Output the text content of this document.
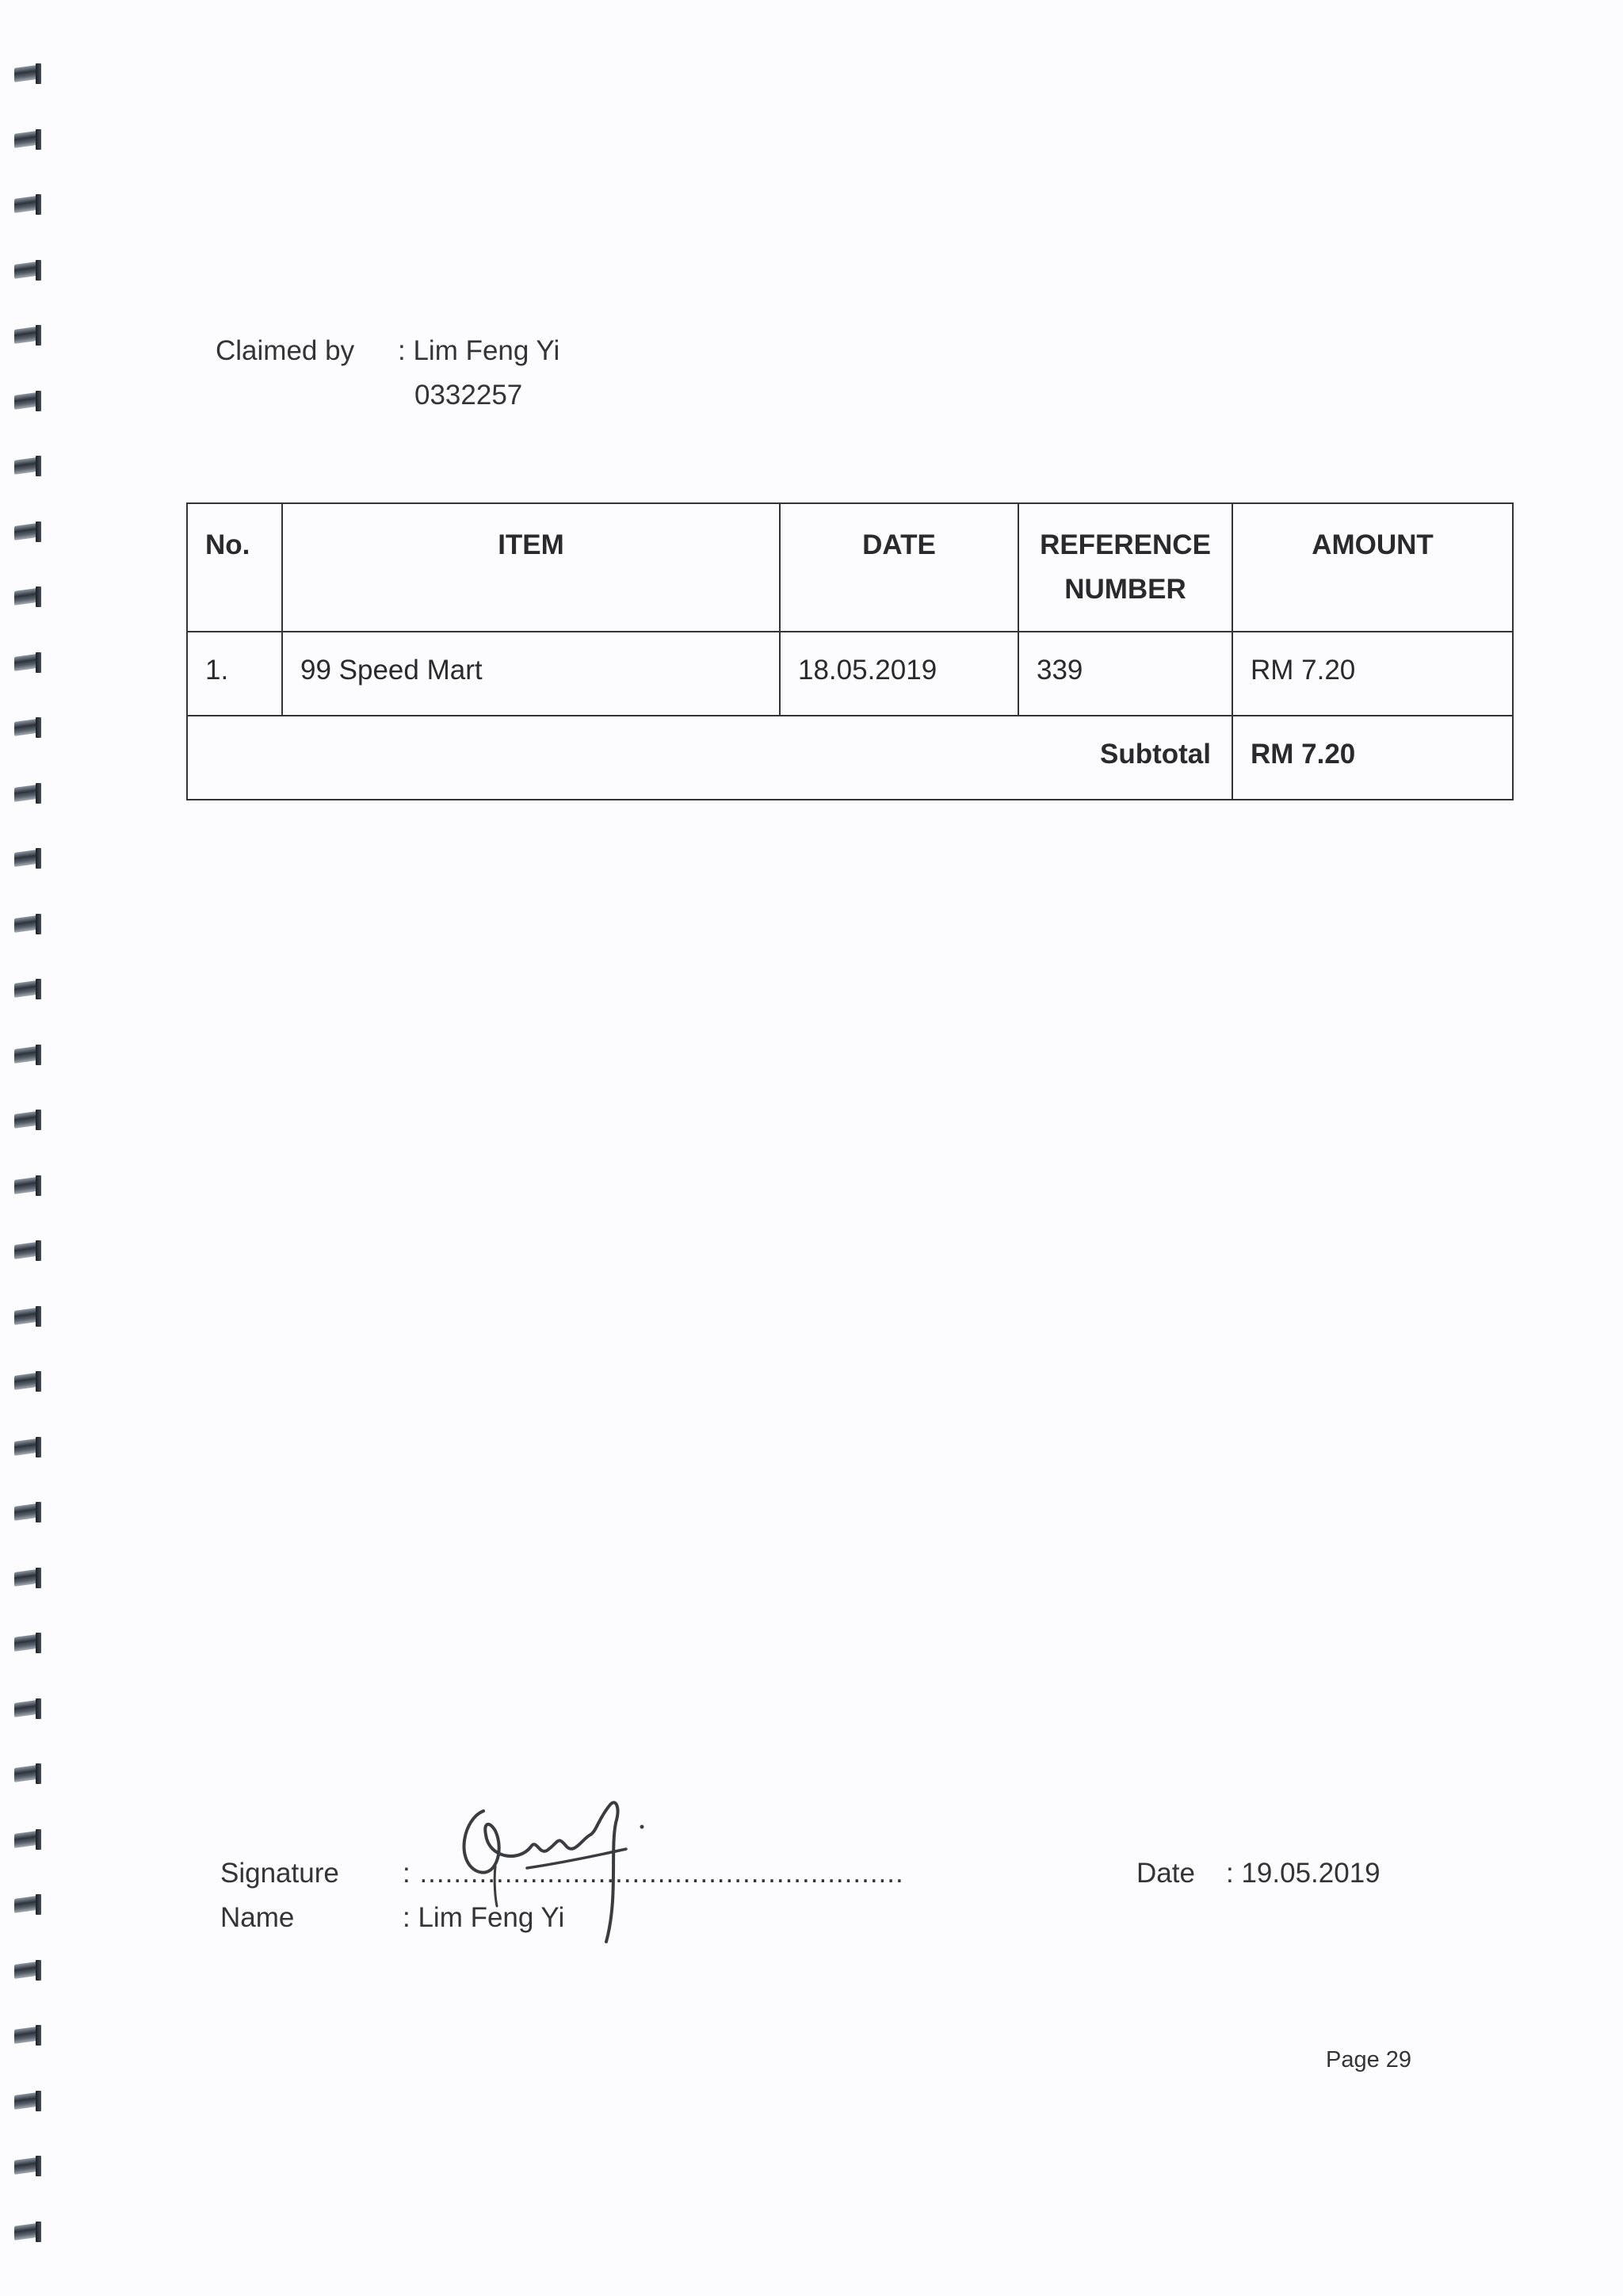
Claimed by : Lim Feng Yi
0332257
No.	ITEM	DATE	REFERENCE NUMBER	AMOUNT
1.	99 Speed Mart	18.05.2019	339	RM 7.20
Subtotal				RM 7.20
Signature : .........................................................
Name	: Lim Feng Yi
Date : 19.05.2019
Page 29
